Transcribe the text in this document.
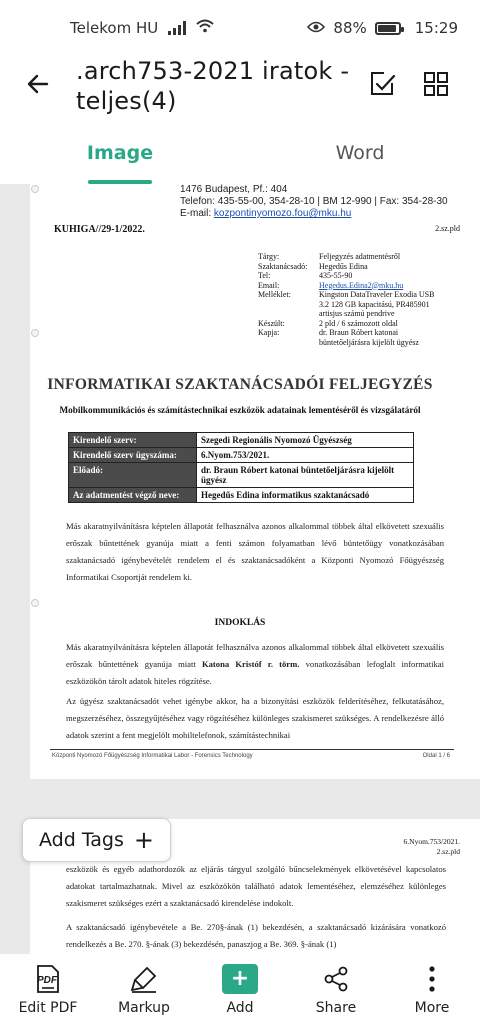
Telekom HU	88%	15:29
.arch753-2021 iratok -
teljes(4)
Image	Word
1476 Budapest, Pf.: 404
Telefon: 435-55-00, 354-28-10 | BM 12-990 | Fax: 354-28-30
E-mail: kozpontinyomozo.fou@mku.hu
KUHIGA//29-1/2022.	2.sz.pld
Tárgy:	Feljegyzés adatmentésről
Szaktanácsadó:	Hegedűs Edina
Tel:	435-55-90
Email:	Hegedus.Edina2@mku.hu
Melléklet:	Kingston DataTraveler Exodia USB
3.2 128 GB kapacitású, PR485901
artisjus számú pendrive
Készült:	2 pld / 6 számozott oldal
Kapja:	dr. Braun Róbert katonai
büntetőeljárásra kijelölt ügyész
INFORMATIKAI SZAKTANÁCSADÓI FELJEGYZÉS
Mobilkommunikációs és számítástechnikai eszközök adatainak lementéséről és vizsgálatáról
Kirendelő szerv:	Szegedi Regionális Nyomozó Ügyészség
Kirendelő szerv ügyszáma:	6.Nyom.753/2021.
Előadó:	dr. Braun Róbert katonai büntetőeljárásra kijelölt ügyész
Az adatmentést végző neve:	Hegedűs Edina informatikus szaktanácsadó
Más akaratnyilvánításra képtelen állapotát felhasználva azonos alkalommal többek által elkövetett szexuális erőszak bűntettének gyanúja miatt a fenti számon folyamatban lévő büntetőügy vonatkozásában szaktanácsadó igénybevételét rendelem el és szaktanácsadóként a Központi Nyomozó Főügyészség Informatikai Csoportját rendelem ki.
INDOKLÁS
Más akaratnyilvánításra képtelen állapotát felhasználva azonos alkalommal többek által elkövetett szexuális erőszak bűntettének gyanúja miatt Katona Kristóf r. törm. vonatkozásában lefoglalt informatikai eszközökön tárolt adatok hiteles rögzítése.
Az ügyész szaktanácsadót vehet igénybe akkor, ha a bizonyítási eszközök felderítéséhez, felkutatásához, megszerzéséhez, összegyűjtéséhez vagy rögzítéséhez különleges szakismeret szükséges. A rendelkezésre álló adatok szerint a fent megjelölt mobiltelefonok, számítástechnikai
Központi Nyomozó Főügyészség Informatikai Labor - Forensics Technology	Oldal 1 / 6
6.Nyom.753/2021.
2.sz.pld
eszközök és egyéb adathordozók az eljárás tárgyul szolgáló bűncselekmények elkövetésével kapcsolatos adatokat tartalmazhatnak. Mivel az eszközökön található adatok lementéséhez, elemzéséhez különleges szakismeret szükséges ezért a szaktanácsadó kirendelése indokolt.
A szaktanácsadó igénybevétele a Be. 270§-ának (1) bekezdésén, a szaktanácsadó kizárására vonatkozó rendelkezés a Be. 270. §-ának (3) bekezdésén, panaszjog a Be. 369. §-ának (1)
Add Tags +
PDF
Edit PDF	Markup
+
Add	Share	More
